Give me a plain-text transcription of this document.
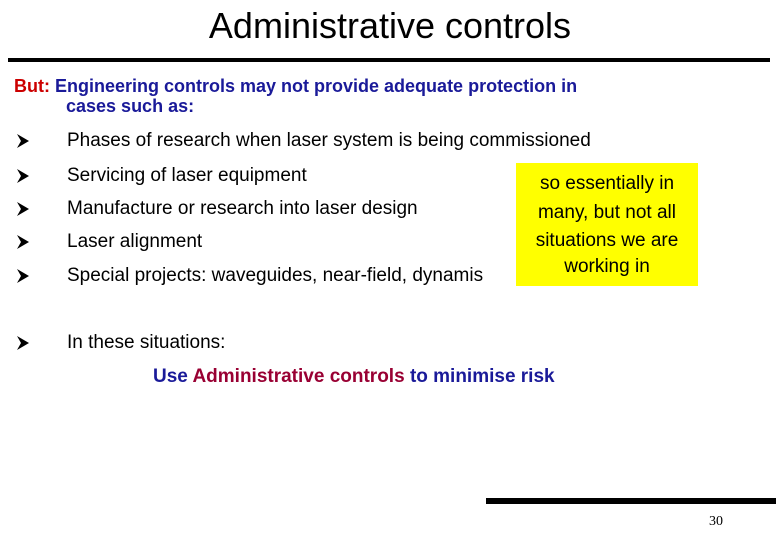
Administrative controls
But: Engineering controls may not provide adequate protection in
cases such as:
Phases of research when laser system is being commissioned
Servicing of laser equipment
Manufacture or research into laser design
Laser alignment
Special projects: waveguides, near-field, dynamis
In these situations:
so essentially in
many, but not all
situations we are
working in
Use Administrative controls to minimise risk
30
